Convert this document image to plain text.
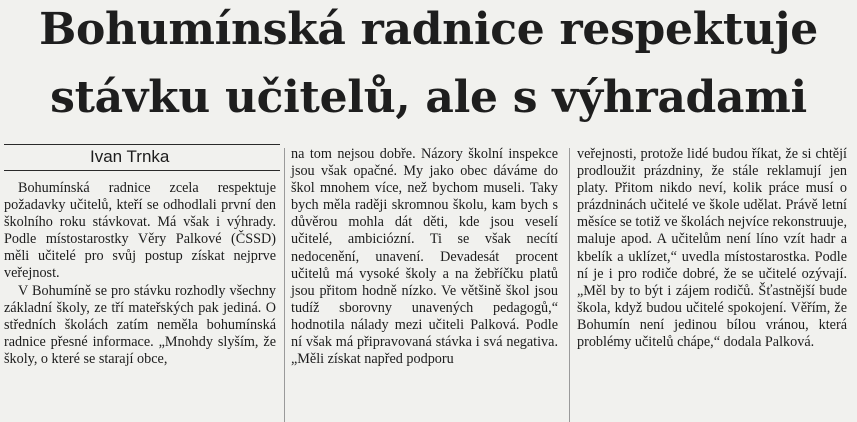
Bohumínská radnice respektuje
stávku učitelů, ale s výhradami
Ivan Trnka

Bohumínská radnice zcela respektuje požadavky učitelů, kteří se odhodlali první den školního roku stávkovat. Má však i výhrady. Podle místostarostky Věry Palkové (ČSSD) měli učitelé pro svůj postup získat nejprve veřejnost.

V Bohumíně se pro stávku rozhodly všechny základní školy, ze tří mateřských pak jediná. O středních školách zatím neměla bohumínská radnice přesné informace. „Mnohdy slyším, že školy, o které se starají obce,

na tom nejsou dobře. Názory školní inspekce jsou však opačné. My jako obec dáváme do škol mnohem více, než bychom museli. Taky bych měla raději skromnou školu, kam bych s důvěrou mohla dát děti, kde jsou veselí učitelé, ambiciózní. Ti se však necítí nedocenění, unavení. Devadesát procent učitelů má vysoké školy a na žebříčku platů jsou přitom hodně nízko. Ve většině škol jsou tudíž sborovny unavených pedagogů,“ hodnotila nálady mezi učiteli Palková. Podle ní však má připravovaná stávka i svá negativa. „Měli získat napřed podporu

veřejnosti, protože lidé budou říkat, že si chtějí prodloužit prázdniny, že stále reklamují jen platy. Přitom nikdo neví, kolik práce musí o prázdninách učitelé ve škole udělat. Právě letní měsíce se totiž ve školách nejvíce rekonstruuje, maluje apod. A učitelům není líno vzít hadr a kbelík a uklízet,“ uvedla místostarostka. Podle ní je i pro rodiče dobré, že se učitelé ozývají. „Měl by to být i zájem rodičů. Šťastnější bude škola, když budou učitelé spokojení. Věřím, že Bohumín není jedinou bílou vránou, která problémy učitelů chápe,“ dodala Palková.
